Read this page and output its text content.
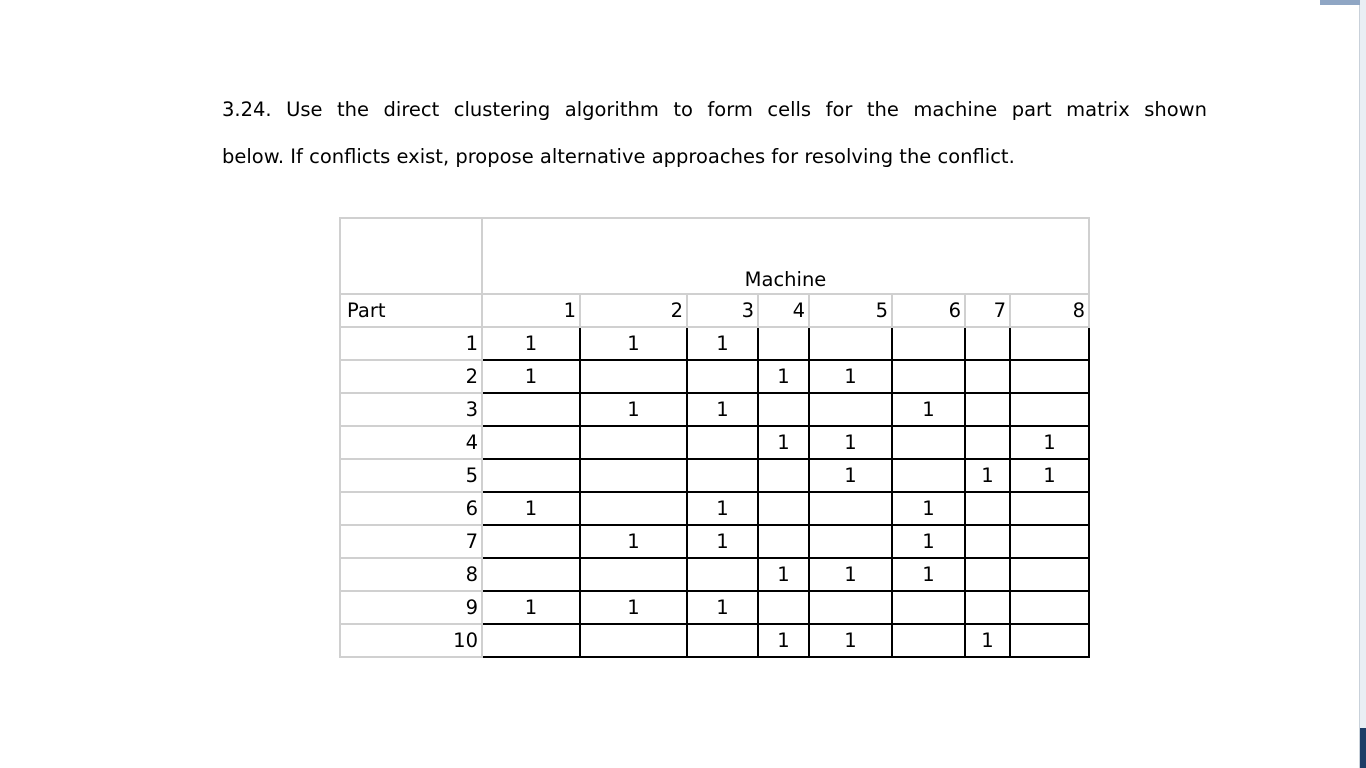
3.24. Use the direct clustering algorithm to form cells for the machine part matrix shown
below. If conflicts exist, propose alternative approaches for resolving the conflict.

	Machine							
Part	1	2	3	4	5	6	7	8
1	1	1	1					
2	1			1	1			
3		1	1			1		
4				1	1			1
5					1		1	1
6	1		1			1		
7		1	1			1		
8				1	1	1		
9	1	1	1					
10				1	1		1	
